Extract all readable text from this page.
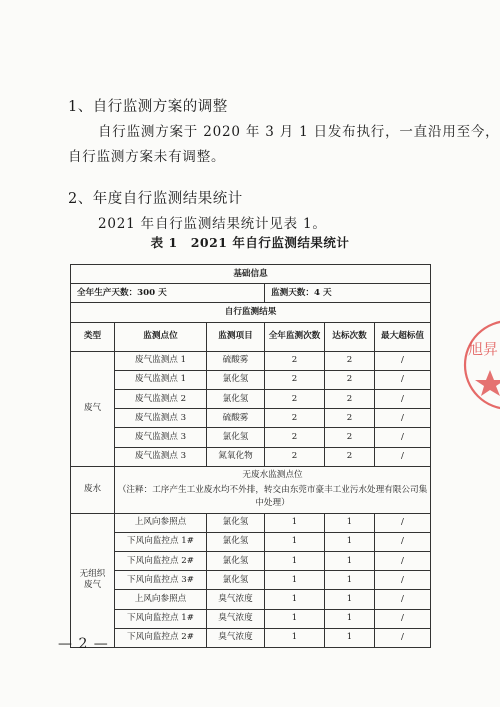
1、自行监测方案的调整
自行监测方案于 2020 年 3 月 1 日发布执行，一直沿用至今，
自行监测方案未有调整。
2、年度自行监测结果统计
2021 年自行监测结果统计见表 1。
表 1　2021 年自行监测结果统计
基础信息					
全年生产天数：300 天			监测天数：4 天		
自行监测结果					
类型	监测点位	监测项目	全年监测次数	达标次数	最大超标值
废气	废气监测点 1	硫酸雾	2	2	/
	废气监测点 1	氯化氢	2	2	/
	废气监测点 2	氯化氢	2	2	/
	废气监测点 3	硫酸雾	2	2	/
	废气监测点 3	氯化氢	2	2	/
	废气监测点 3	氮氧化物	2	2	/
废水	无废水监测点位
（注释：工序产生工业废水均不外排，转交由东莞市豪丰工业污水处理有限公司集中处理）				

无组织废气	上风向参照点	氯化氢	1	1	/
	下风向监控点 1#	氯化氢	1	1	/
	下风向监控点 2#	氯化氢	1	1	/
	下风向监控点 3#	氯化氢	1	1	/
	上风向参照点	臭气浓度	1	1	/
	下风向监控点 1#	臭气浓度	1	1	/
	下风向监控点 2#	臭气浓度	1	1	/
— 2 —
旭昇
